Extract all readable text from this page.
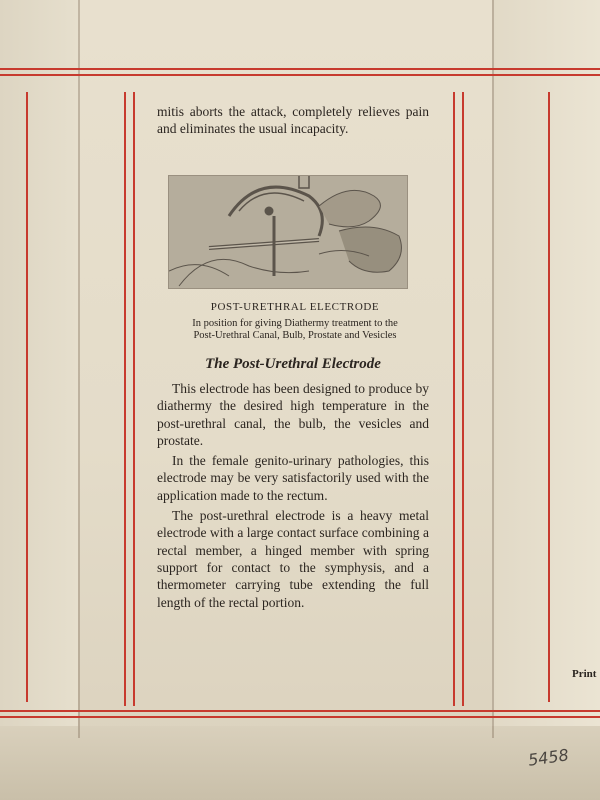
mitis aborts the attack, completely relieves pain and eliminates the usual incapacity.
POST-URETHRAL ELECTRODE
In position for giving Diathermy treatment to the
Post-Urethral Canal, Bulb, Prostate and Vesicles
The Post-Urethral Electrode

This electrode has been designed to produce by diathermy the desired high temperature in the post-urethral canal, the bulb, the vesicles and prostate.

In the female genito-urinary pathologies, this electrode may be very satisfactorily used with the application made to the rectum.

The post-urethral electrode is a heavy metal electrode with a large contact surface combining a rectal member, a hinged member with spring support for contact to the symphysis, and a thermometer carrying tube extending the full length of the rectal portion.

Print
5458
